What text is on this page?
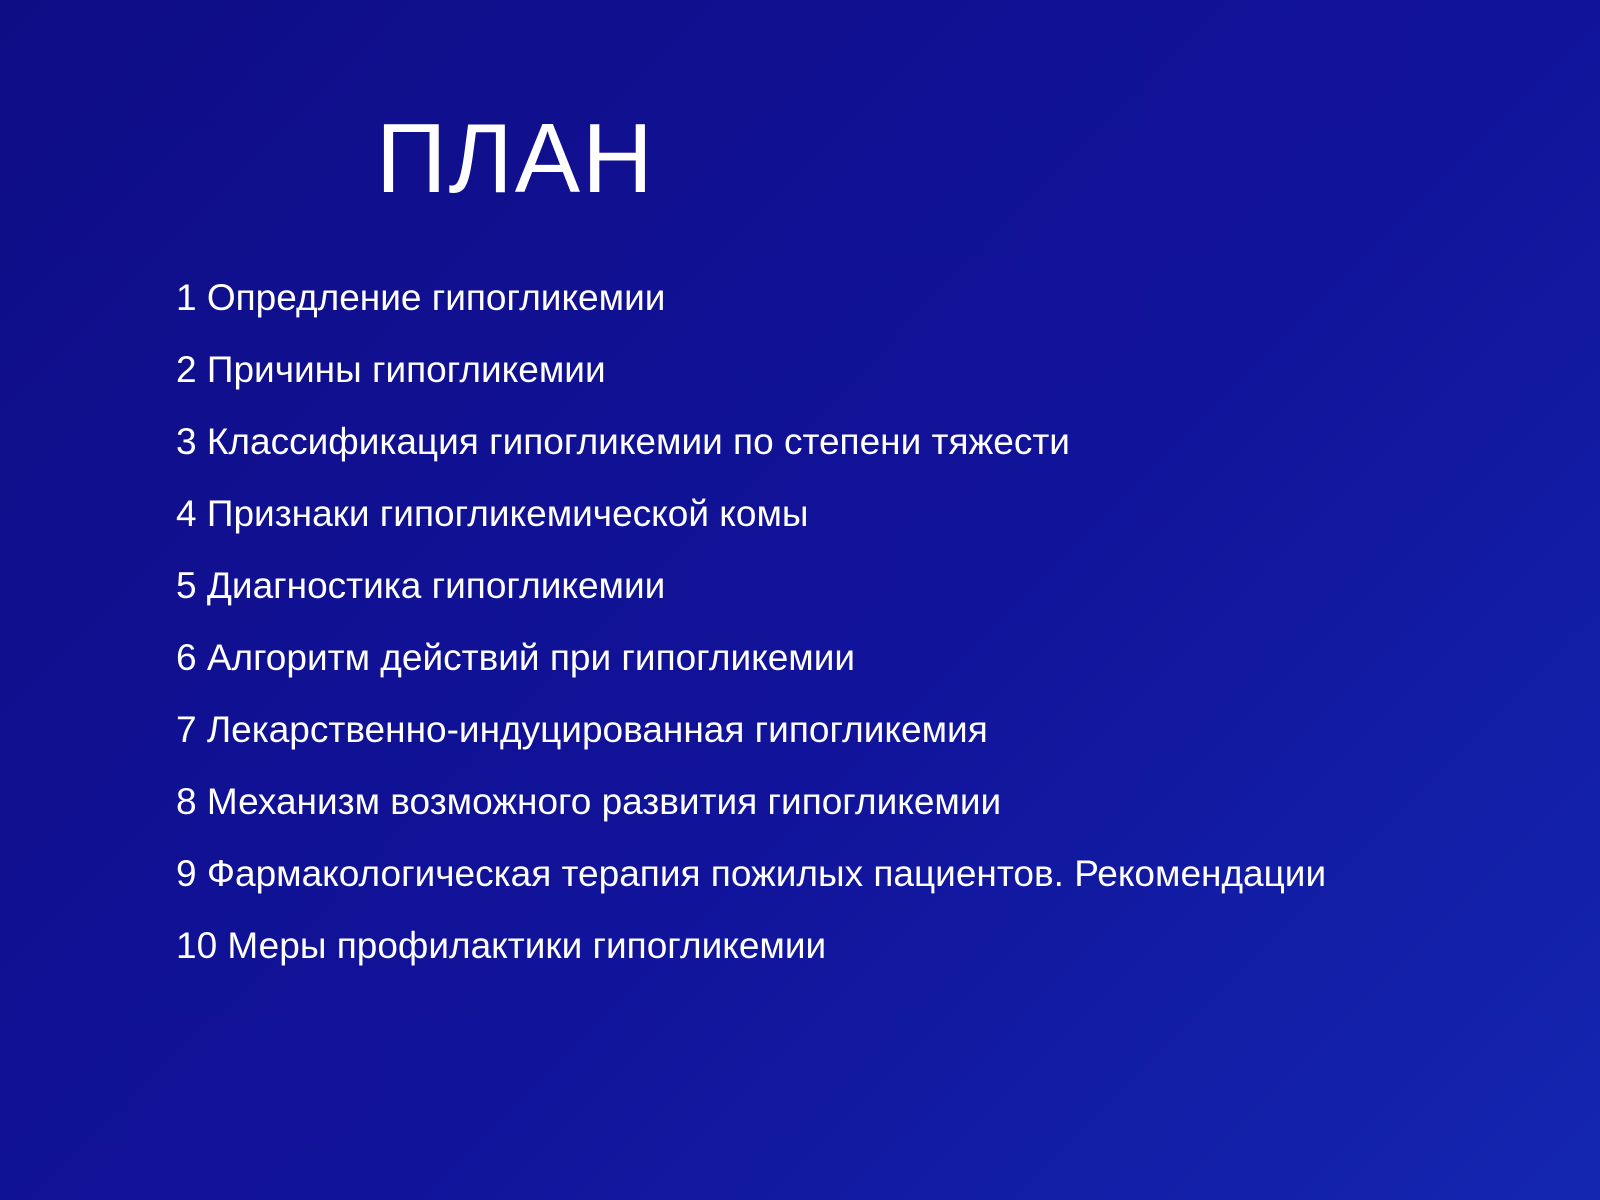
ПЛАН
1 Опредление гипогликемии
2 Причины гипогликемии
3 Классификация гипогликемии по степени тяжести
4 Признаки гипогликемической комы
5 Диагностика гипогликемии
6 Алгоритм действий при гипогликемии
7 Лекарственно-индуцированная гипогликемия
8 Механизм возможного развития гипогликемии
9 Фармакологическая терапия пожилых пациентов. Рекомендации
10 Меры профилактики гипогликемии
